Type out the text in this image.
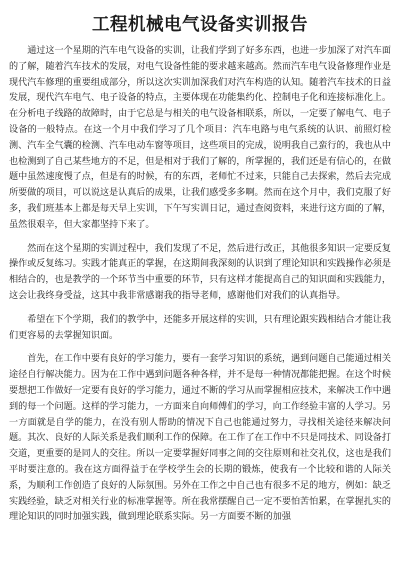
工程机械电气设备实训报告

通过这一个星期的汽车电气设备的实训，让我们学到了好多东西，也进一步加深了对汽车面的了解，随着汽车技术的发展，对电气设备性能的要求越来越高。然而汽车电气设备修理作业是现代汽车修理的重要组成部分，所以这次实训加深我们对汽车构造的认知。随着汽车技术的日益发展，现代汽车电气、电子设备的特点，主要体现在功能集约化、控制电子化和连接标准化上。在分析电子线路的故障时，由于它总是与相关的电气设备相联系，所以，一定要了解电气、电子设备的一般特点。在这一个月中我们学习了几个项目：汽车电路与电气系统的认识、前照灯检测、汽车全气囊的检测、汽车电动车窗等项目，这些项目的完成，说明我自己蛮行的，我也从中也检测到了自己某些地方的不足，但是相对于我们了解的，所掌握的，我们还是有信心的，在做题中虽然速度慢了点，但是有的时候，有的东西，老师忙不过来，只能自己去探索，然后去完成所要做的项目，可以说这是认真后的成果，让我们感受多多啊。然而在这个月中，我们克服了好多，我们班基本上都是每天早上实训，下午写实训日记，通过查阅资料，来进行这方面的了解，虽然很艰辛，但大家都坚持下来了。

然而在这个星期的实训过程中，我们发现了不足，然后进行改正，其他很多知识一定要反复操作或反复练习。实践才能真正的掌握，在这期间我深刻的认识到了理论知识和实践操作必须是相结合的，也是教学的一个环节当中重要的环节，只有这样才能提高自己的知识面和实践能力，这会让我终身受益，这其中我非常感谢我的指导老师，感谢他们对我们的认真指导。

希望在下个学期，我们的教学中，还能多开展这样的实训，只有理论跟实践相结合才能让我们更容易的去掌握知识面。

首先，在工作中要有良好的学习能力，要有一套学习知识的系统，遇到问题自己能通过相关途径自行解决能力。因为在工作中遇到问题各种各样，并不是每一种情况都能把握。在这个时候要想把工作做好一定要有良好的学习能力，通过不断的学习从而掌握相应技术，来解决工作中遇到的每一个问题。这样的学习能力，一方面来自向师傅们的学习，向工作经验丰富的人学习。另一方面就是自学的能力，在没有别人帮助的情况下自己也能通过努力，寻找相关途径来解决问题。其次、良好的人际关系是我们顺利工作的保障。在工作了在工作中不只是同技术、同设备打交道，更重要的是同人的交往。所以一定要掌握好同事之间的交往原则和社交礼仪，这也是我们平时要注意的。我在这方面得益于在学校学生会的长期的锻炼，使我有一个比较和谐的人际关系，为顺利工作创造了良好的人际氛围。另外在工作之中自己也有很多不足的地方，例如：缺乏实践经验，缺乏对相关行业的标准掌握等。所在我常摆醒自己一定不要怕苦怕累，在掌握扎实的理论知识的同时加强实践，做到理论联系实际。另一方面要不断的加强
